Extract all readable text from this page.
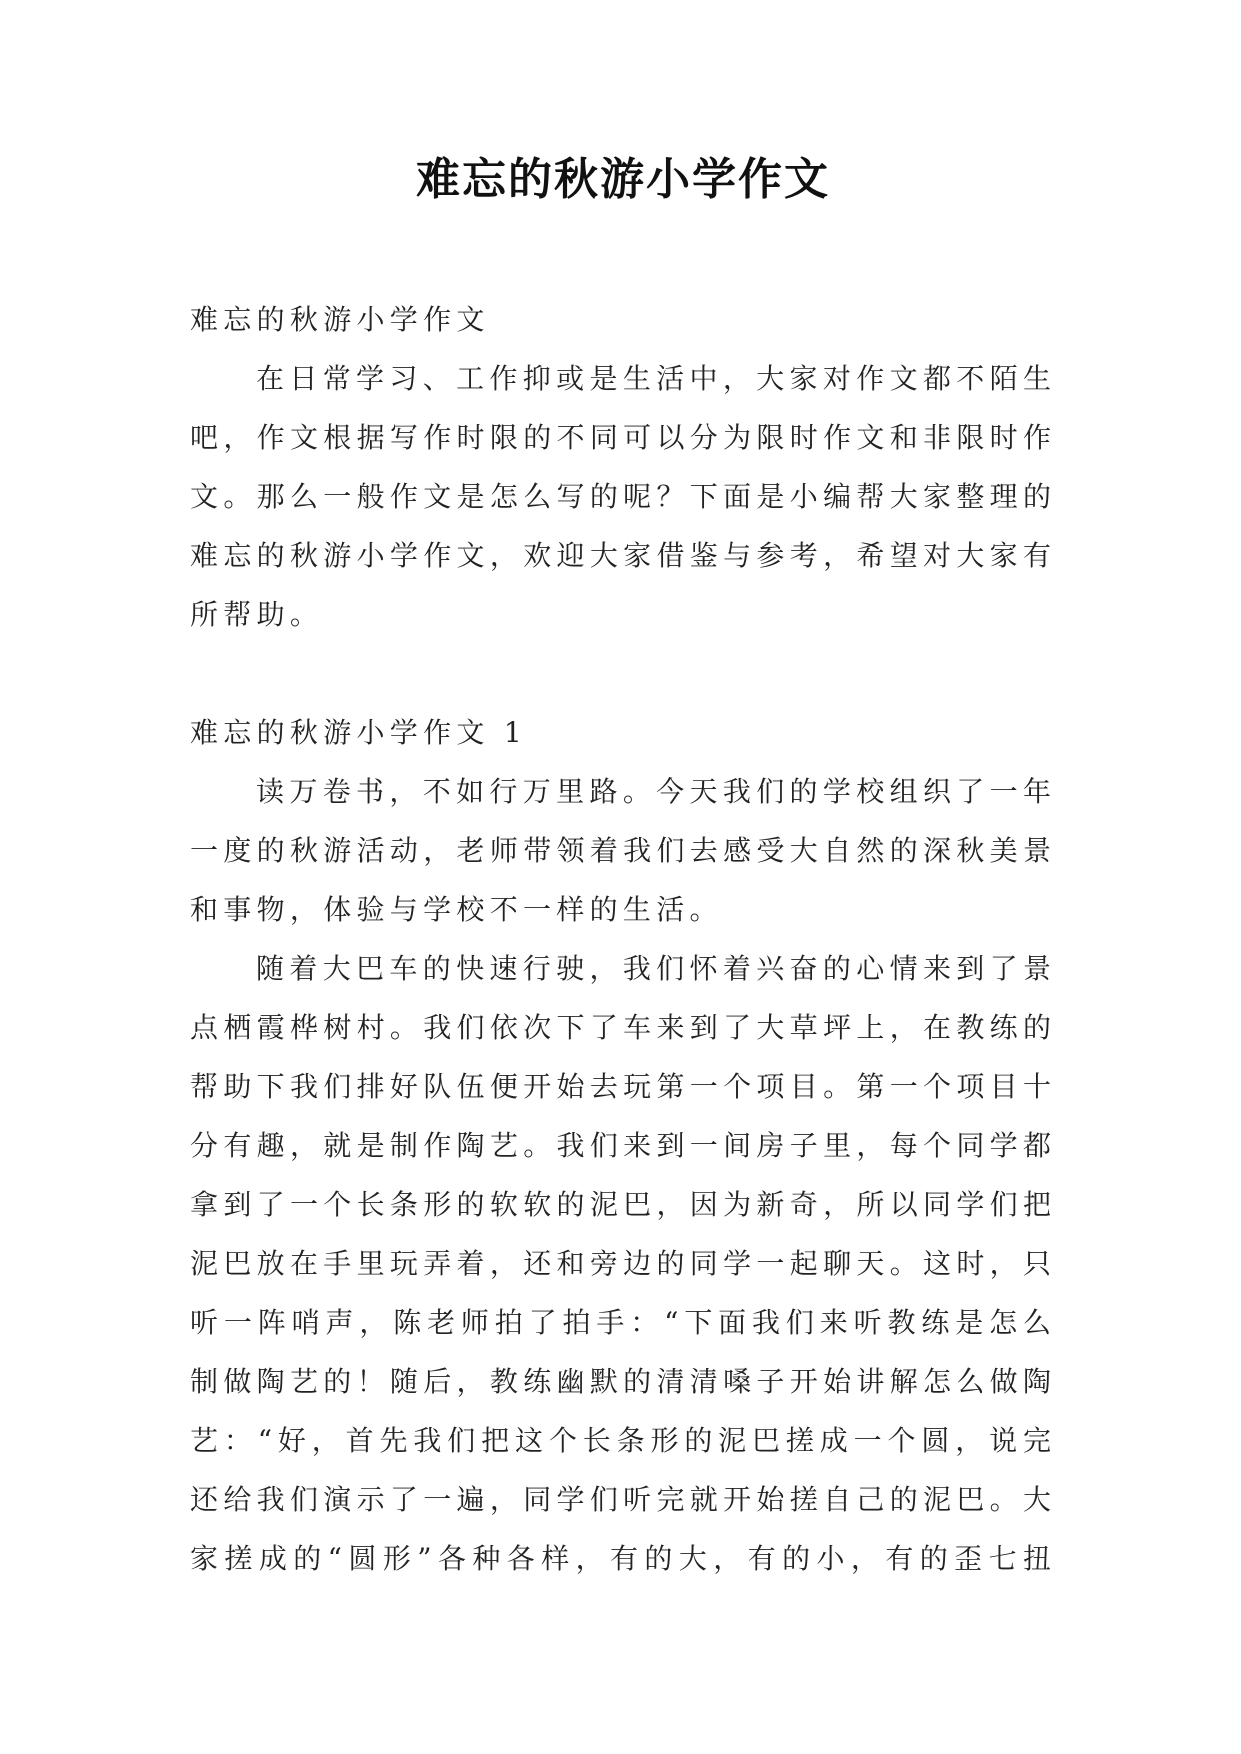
难忘的秋游小学作文
难忘的秋游小学作文
在日常学习、工作抑或是生活中，大家对作文都不陌生
吧，作文根据写作时限的不同可以分为限时作文和非限时作
文。那么一般作文是怎么写的呢？下面是小编帮大家整理的
难忘的秋游小学作文，欢迎大家借鉴与参考，希望对大家有
所帮助。
难忘的秋游小学作文 1
读万卷书，不如行万里路。今天我们的学校组织了一年
一度的秋游活动，老师带领着我们去感受大自然的深秋美景
和事物，体验与学校不一样的生活。
随着大巴车的快速行驶，我们怀着兴奋的心情来到了景
点栖霞桦树村。我们依次下了车来到了大草坪上，在教练的
帮助下我们排好队伍便开始去玩第一个项目。第一个项目十
分有趣，就是制作陶艺。我们来到一间房子里，每个同学都
拿到了一个长条形的软软的泥巴，因为新奇，所以同学们把
泥巴放在手里玩弄着，还和旁边的同学一起聊天。这时，只
听一阵哨声，陈老师拍了拍手：“下面我们来听教练是怎么
制做陶艺的！随后，教练幽默的清清嗓子开始讲解怎么做陶
艺：“好，首先我们把这个长条形的泥巴搓成一个圆，说完
还给我们演示了一遍，同学们听完就开始搓自己的泥巴。大
家搓成的“圆形”各种各样，有的大，有的小，有的歪七扭
